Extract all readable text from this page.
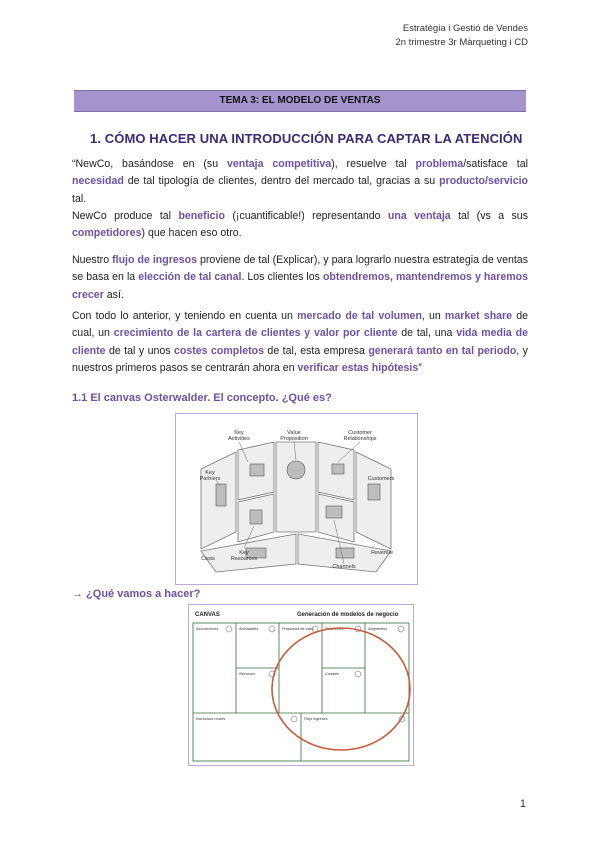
Estratègia i Gestió de Vendes
2n trimestre 3r Màrqueting i CD
TEMA 3: EL MODELO DE VENTAS
1. CÓMO HACER UNA INTRODUCCIÓN PARA CAPTAR LA ATENCIÓN

“NewCo, basándose en (su ventaja competitiva), resuelve tal problema/satisface tal necesidad de tal tipología de clientes, dentro del mercado tal, gracias a su producto/servicio tal.

NewCo produce tal beneficio (¡cuantificable!) representando una ventaja tal (vs a sus competidores) que hacen eso otro.

Nuestro flujo de ingresos proviene de tal (Explicar), y para lograrlo nuestra estrategia de ventas se basa en la elección de tal canal. Los clientes los obtendremos, mantendremos y haremos crecer así.

Con todo lo anterior, y teniendo en cuenta un mercado de tal volumen, un market share de cual, un crecimiento de la cartera de clientes y valor por cliente de tal, una vida media de cliente de tal y unos costes completos de tal, esta empresa generará tanto en tal periodo, y nuestros primeros pasos se centrarán ahora en verificar estas hipótesis”

1.1 El canvas Osterwalder. El concepto. ¿Qué es?
Key Activities
Value Proposition
Customer Relationships
Key Partners	Customers
Costs
Key Resources
Channels
Revenue
→ ¿Qué vamos a hacer?
CANVAS	Generación de modelos de negocio
Asociaciones	Actividades	Propuesta de valor	Relaciones	Segmentos
Recursos	Canales
Estructura costes	Flujo ingresos
1
